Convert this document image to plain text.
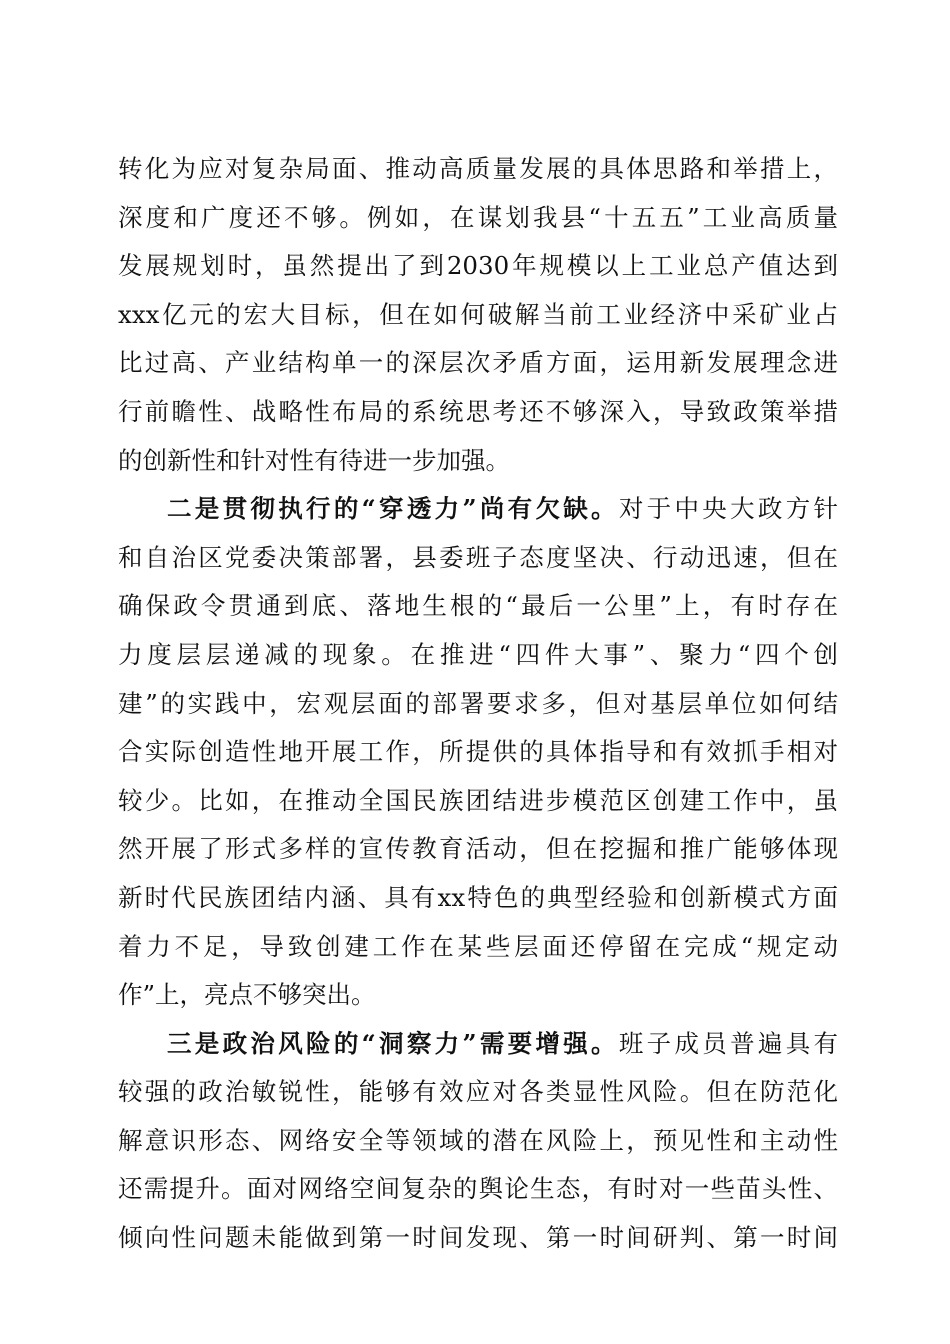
转化为应对复杂局面、推动高质量发展的具体思路和举措上，
深度和广度还不够。例如，在谋划我县“十五五”工业高质量
发展规划时，虽然提出了到2030年规模以上工业总产值达到
xxx亿元的宏大目标，但在如何破解当前工业经济中采矿业占
比过高、产业结构单一的深层次矛盾方面，运用新发展理念进
行前瞻性、战略性布局的系统思考还不够深入，导致政策举措
的创新性和针对性有待进一步加强。
二是贯彻执行的“穿透力”尚有欠缺。对于中央大政方针
和自治区党委决策部署，县委班子态度坚决、行动迅速，但在
确保政令贯通到底、落地生根的“最后一公里”上，有时存在
力度层层递减的现象。在推进“四件大事”、聚力“四个创
建”的实践中，宏观层面的部署要求多，但对基层单位如何结
合实际创造性地开展工作，所提供的具体指导和有效抓手相对
较少。比如，在推动全国民族团结进步模范区创建工作中，虽
然开展了形式多样的宣传教育活动，但在挖掘和推广能够体现
新时代民族团结内涵、具有xx特色的典型经验和创新模式方面
着力不足，导致创建工作在某些层面还停留在完成“规定动
作”上，亮点不够突出。
三是政治风险的“洞察力”需要增强。班子成员普遍具有
较强的政治敏锐性，能够有效应对各类显性风险。但在防范化
解意识形态、网络安全等领域的潜在风险上，预见性和主动性
还需提升。面对网络空间复杂的舆论生态，有时对一些苗头性、
倾向性问题未能做到第一时间发现、第一时间研判、第一时间
